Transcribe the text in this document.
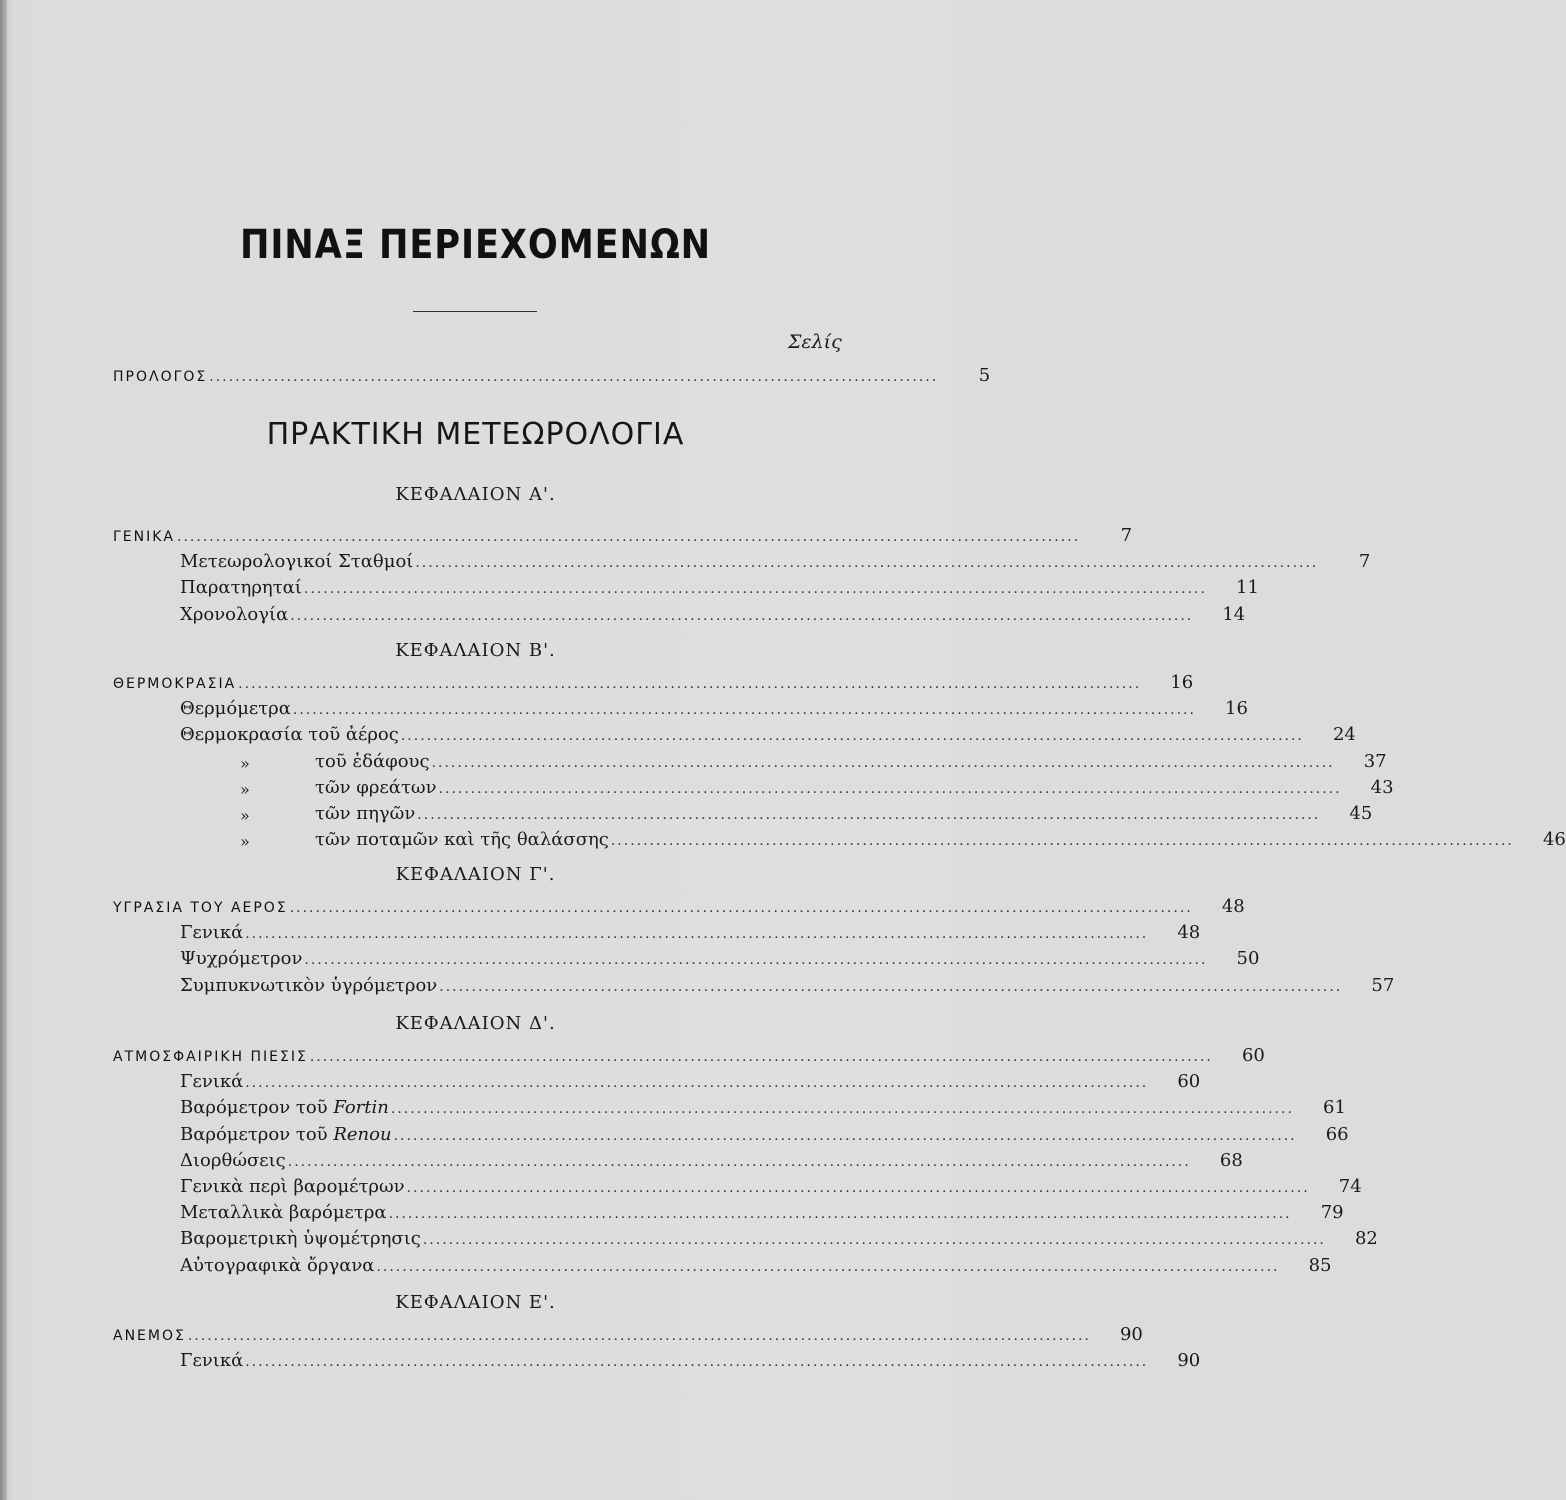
ΠΙΝΑΞ ΠΕΡΙΕΧΟΜΕΝΩΝ
Σελίς
ΠΡΟΛΟΓΟΣ .................................................................................................................	5
ΠΡΑΚΤΙΚΗ ΜΕΤΕΩΡΟΛΟΓΙΑ
ΚΕΦΑΛΑΙΟΝ Α'.
ΓΕΝΙΚΑ ............................................................................................................................................	7
Μετεωρολογικοί Σταθμοί ............................................................................................................................................	7
Παρατηρηταί ............................................................................................................................................	11
Χρονολογία ............................................................................................................................................	14
ΚΕΦΑΛΑΙΟΝ Β'.
ΘΕΡΜΟΚΡΑΣΙΑ ............................................................................................................................................	16
Θερμόμετρα ............................................................................................................................................	16
Θερμοκρασία τοῦ ἀέρος ............................................................................................................................................	24
»	τοῦ ἐδάφους ............................................................................................................................................	37
»	τῶν φρεάτων ............................................................................................................................................	43
»	τῶν πηγῶν ............................................................................................................................................	45
»	τῶν ποταμῶν καὶ τῆς θαλάσσης ............................................................................................................................................	46
ΚΕΦΑΛΑΙΟΝ Γ'.
ΥΓΡΑΣΙΑ ΤΟΥ ΑΕΡΟΣ ............................................................................................................................................	48
Γενικά ............................................................................................................................................	48
Ψυχρόμετρον ............................................................................................................................................	50
Συμπυκνωτικὸν ὑγρόμετρον ............................................................................................................................................	57
ΚΕΦΑΛΑΙΟΝ Δ'.
ΑΤΜΟΣΦΑΙΡΙΚΗ ΠΙΕΣΙΣ ............................................................................................................................................	60
Γενικά ............................................................................................................................................	60
Βαρόμετρον τοῦ Fortin ............................................................................................................................................	61
Βαρόμετρον τοῦ Renou ............................................................................................................................................	66
Διορθώσεις ............................................................................................................................................	68
Γενικὰ περὶ βαρομέτρων ............................................................................................................................................	74
Μεταλλικὰ βαρόμετρα ............................................................................................................................................	79
Βαρομετρικὴ ὑψομέτρησις ............................................................................................................................................	82
Αὐτογραφικὰ ὄργανα ............................................................................................................................................	85
ΚΕΦΑΛΑΙΟΝ Ε'.
ΑΝΕΜΟΣ ............................................................................................................................................	90
Γενικά ............................................................................................................................................	90
